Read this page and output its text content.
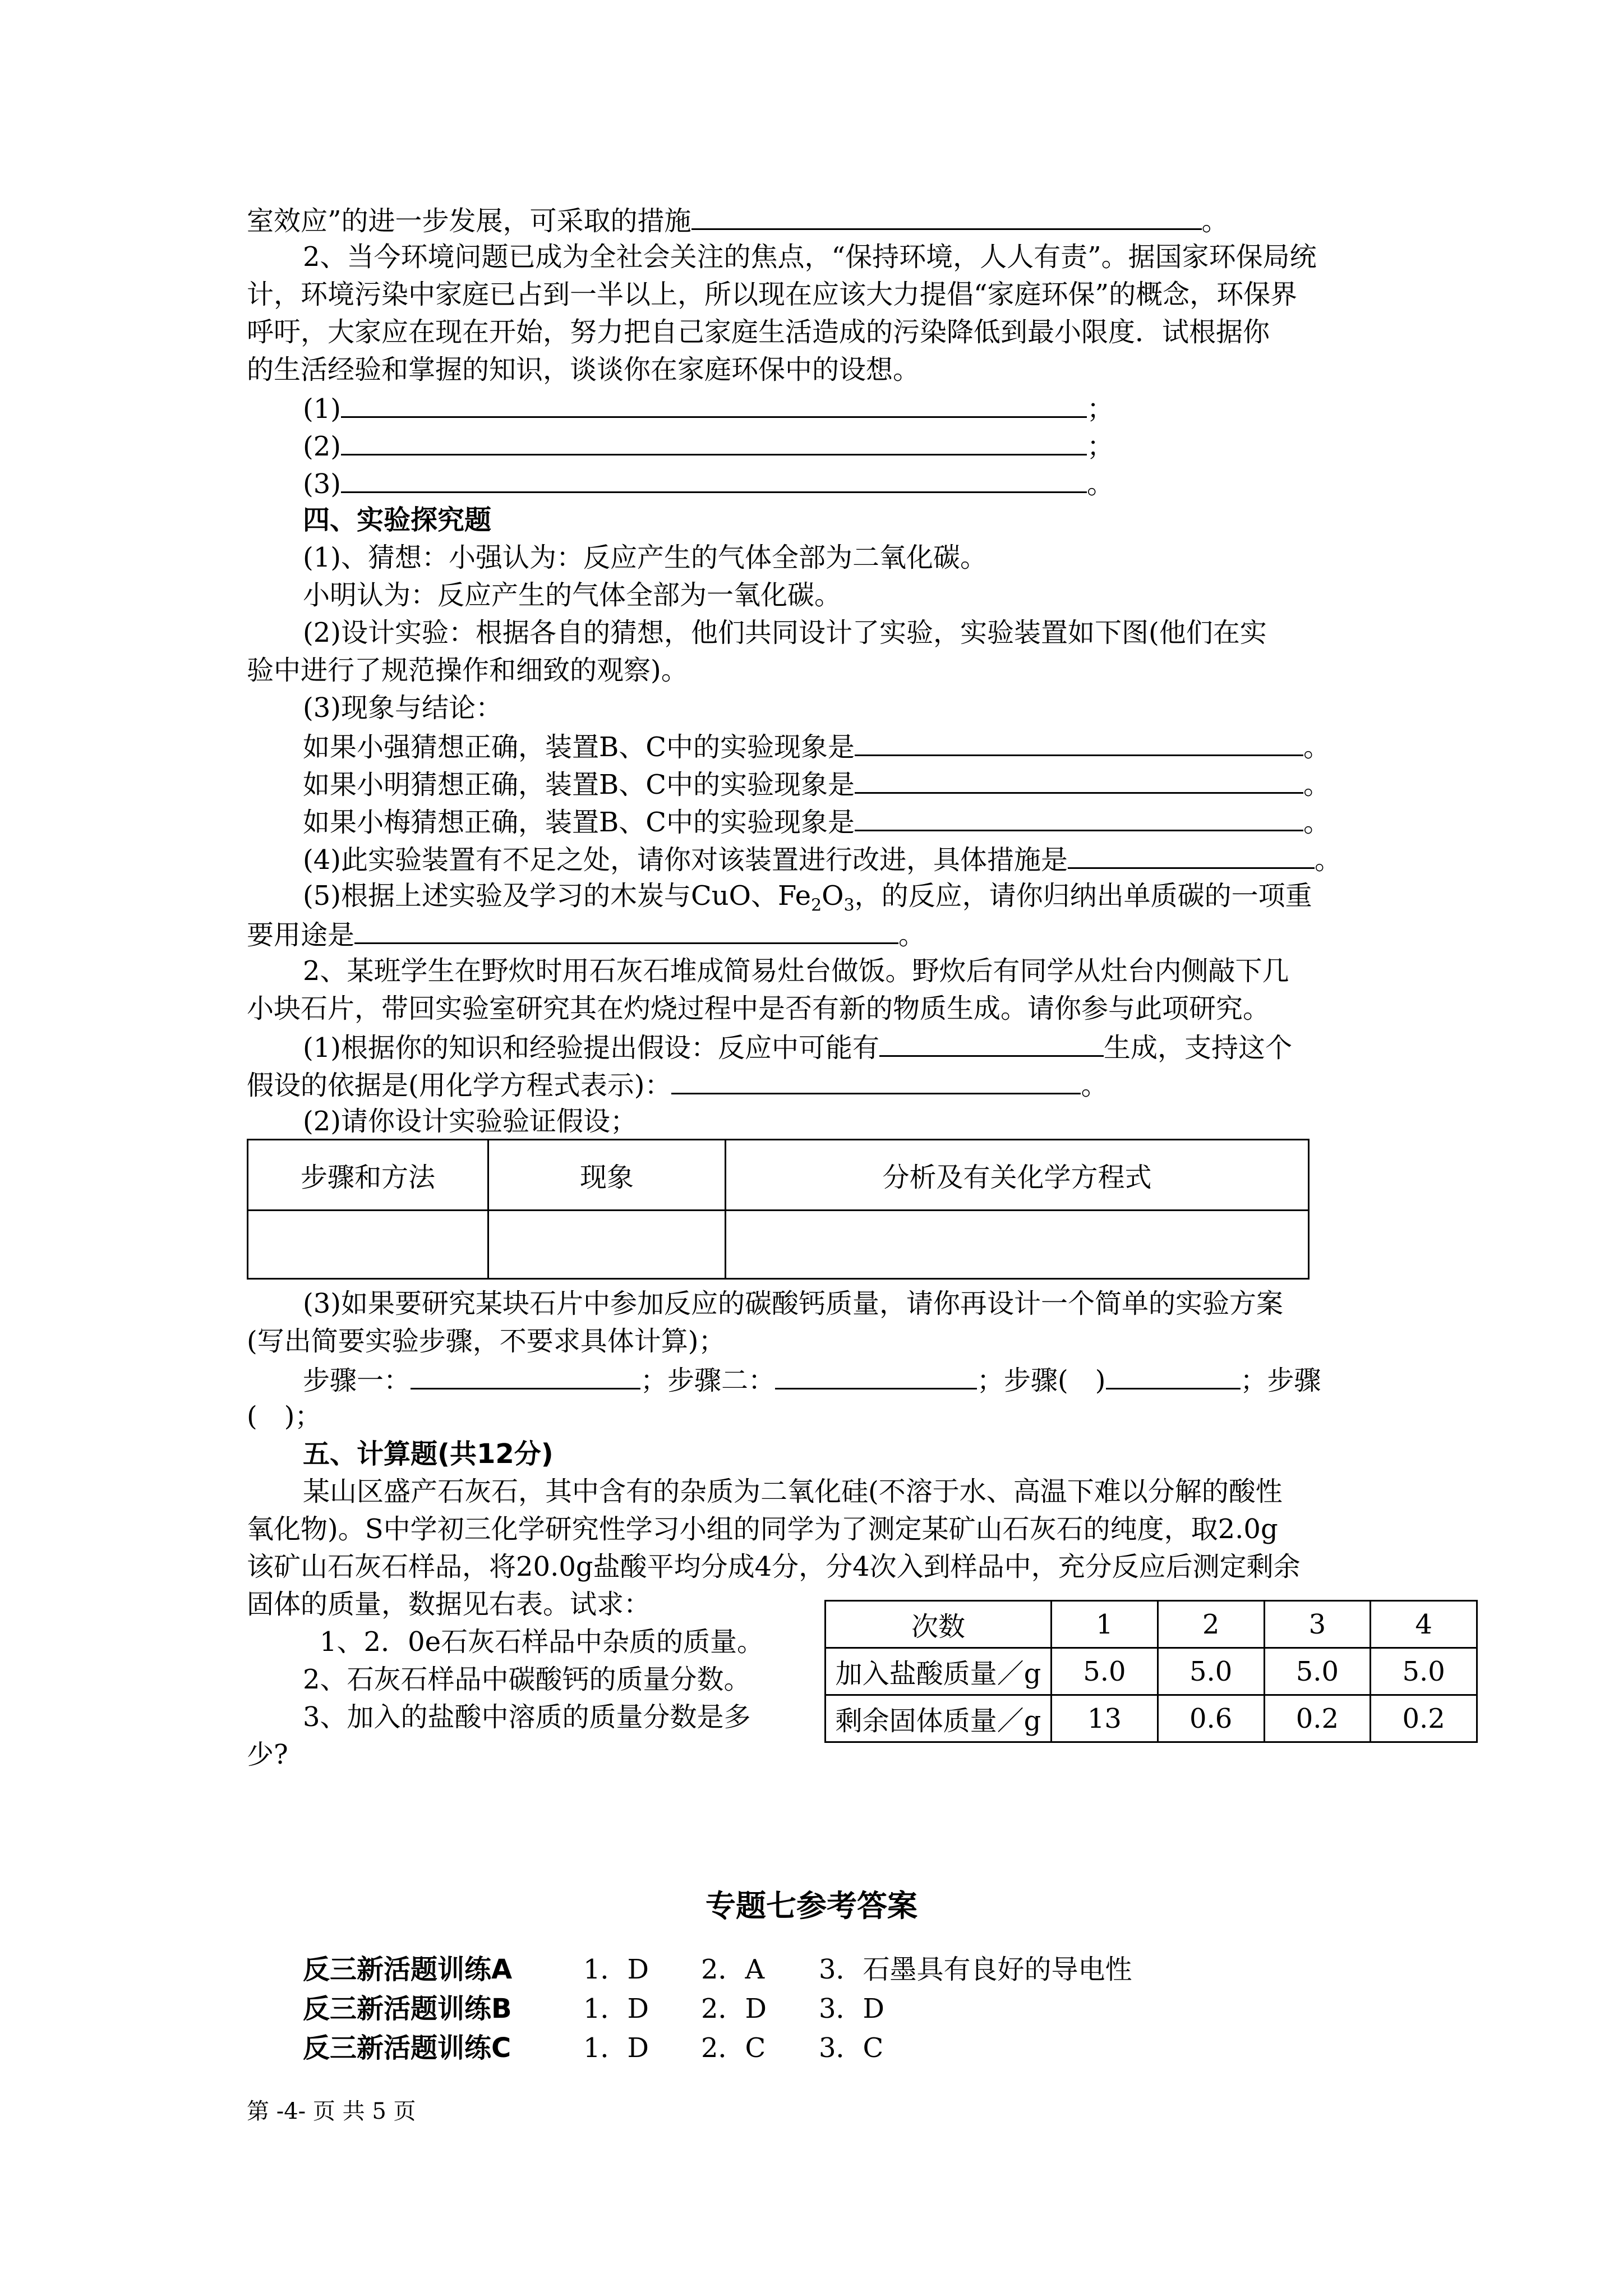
室效应”的进一步发展，可采取的措施	。
2、当今环境问题已成为全社会关注的焦点，“保持环境，人人有责”。据国家环保局统
计，环境污染中家庭已占到一半以上，所以现在应该大力提倡“家庭环保”的概念，环保界
呼吁，大家应在现在开始，努力把自己家庭生活造成的污染降低到最小限度．试根据你
的生活经验和掌握的知识，谈谈你在家庭环保中的设想。
(1)	；
(2)	；
(3)	。
四、实验探究题
(1)、猜想：小强认为：反应产生的气体全部为二氧化碳。
小明认为：反应产生的气体全部为一氧化碳。
(2)设计实验：根据各自的猜想，他们共同设计了实验，实验装置如下图(他们在实
验中进行了规范操作和细致的观察)。
(3)现象与结论：
如果小强猜想正确，装置B、C中的实验现象是	。
如果小明猜想正确，装置B、C中的实验现象是	。
如果小梅猜想正确，装置B、C中的实验现象是	。
(4)此实验装置有不足之处，请你对该装置进行改进，具体措施是	。
(5)根据上述实验及学习的木炭与CuO、$Fe_2O_3$，的反应，请你归纳出单质碳的一项重
要用途是	。
2、某班学生在野炊时用石灰石堆成简易灶台做饭。野炊后有同学从灶台内侧敲下几
小块石片，带回实验室研究其在灼烧过程中是否有新的物质生成。请你参与此项研究。
(1)根据你的知识和经验提出假设：反应中可能有	生成，支持这个
假设的依据是(用化学方程式表示)：	。
(2)请你设计实验验证假设；
步骤和方法	现象	分析及有关化学方程式

(3)如果要研究某块石片中参加反应的碳酸钙质量，请你再设计一个简单的实验方案
(写出简要实验步骤，不要求具体计算)；
步骤一：	；步骤二：	；步骤(　)	；步骤
(　)；
五、计算题(共12分)
某山区盛产石灰石，其中含有的杂质为二氧化硅(不溶于水、高温下难以分解的酸性
氧化物)。S中学初三化学研究性学习小组的同学为了测定某矿山石灰石的纯度，取2.0g
该矿山石灰石样品，将20.0g盐酸平均分成4分，分4次入到样品中，充分反应后测定剩余
固体的质量，数据见右表。试求：
1、2．0e石灰石样品中杂质的质量。
2、石灰石样品中碳酸钙的质量分数。
3、加入的盐酸中溶质的质量分数是多
少?
次数	1	2	3	4
加入盐酸质量／g	5.0	5.0	5.0	5.0
剩余固体质量／g	13	0.6	0.2	0.2
专题七参考答案
反三新活题训练A	1．D 2．A 3．石墨具有良好的导电性
反三新活题训练B	1．D 2．D 3．D
反三新活题训练C	1．D 2．C 3．C
第 -4- 页 共 5 页
